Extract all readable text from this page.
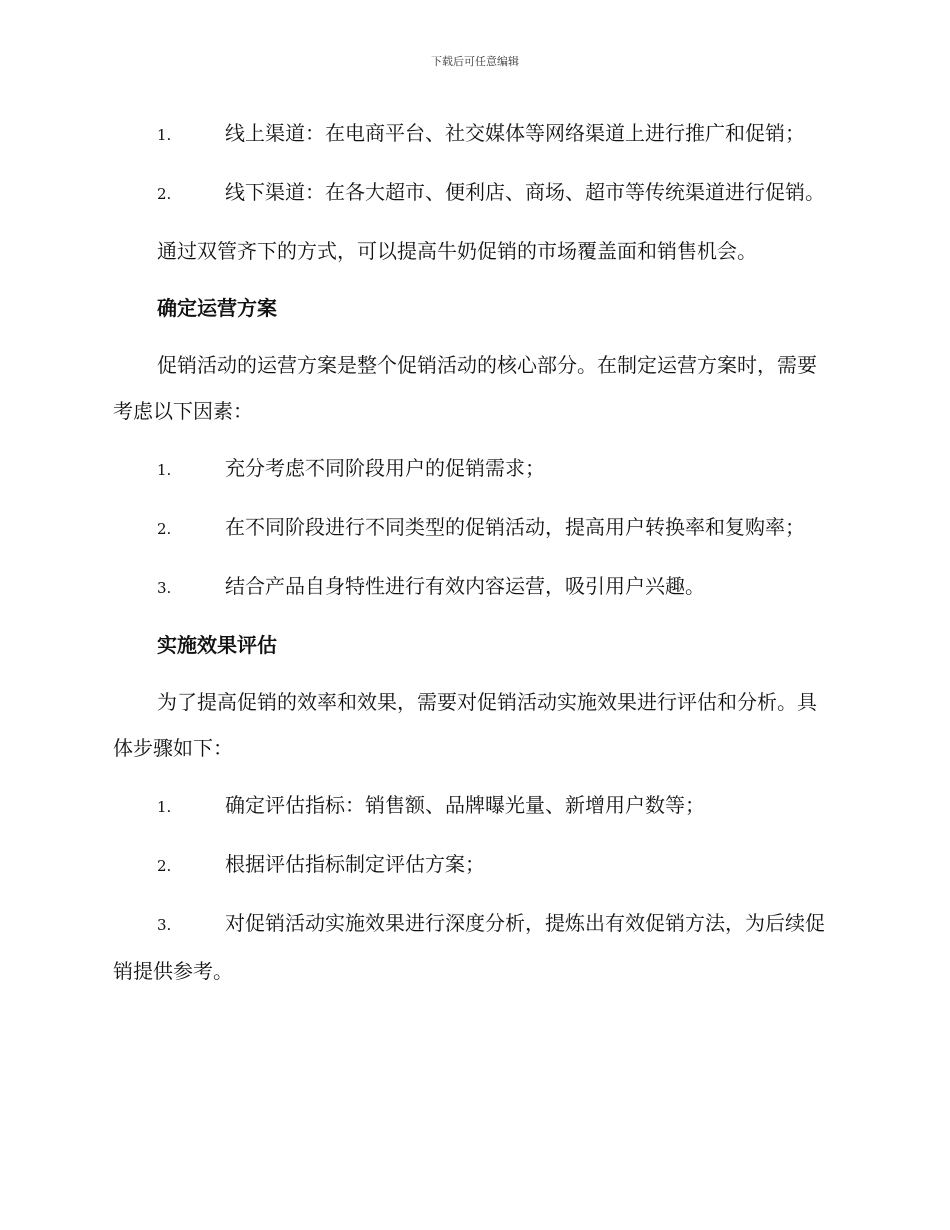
下载后可任意编辑

1.	线上渠道：在电商平台、社交媒体等网络渠道上进行推广和促销；

2.	线下渠道：在各大超市、便利店、商场、超市等传统渠道进行促销。

通过双管齐下的方式，可以提高牛奶促销的市场覆盖面和销售机会。

确定运营方案

促销活动的运营方案是整个促销活动的核心部分。在制定运营方案时，需要考虑以下因素：

1.	充分考虑不同阶段用户的促销需求；

2.	在不同阶段进行不同类型的促销活动，提高用户转换率和复购率；

3.	结合产品自身特性进行有效内容运营，吸引用户兴趣。

实施效果评估

为了提高促销的效率和效果，需要对促销活动实施效果进行评估和分析。具体步骤如下：

1.	确定评估指标：销售额、品牌曝光量、新增用户数等；

2.	根据评估指标制定评估方案；

3.	对促销活动实施效果进行深度分析，提炼出有效促销方法，为后续促销提供参考。
